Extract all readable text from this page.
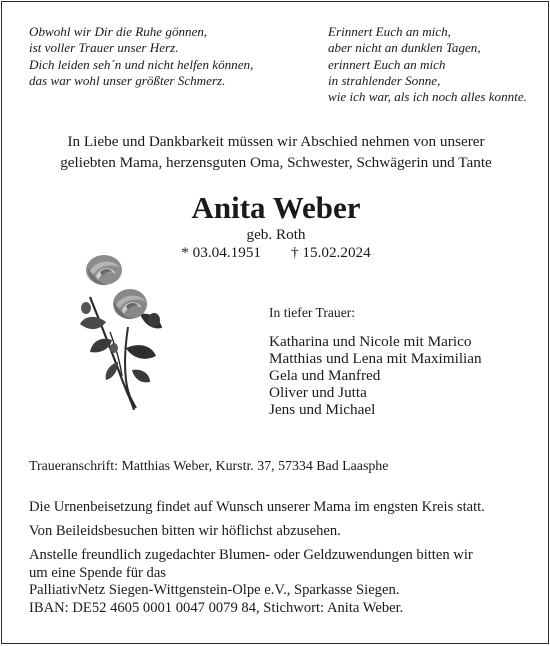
Obwohl wir Dir die Ruhe gönnen,
ist voller Trauer unser Herz.
Dich leiden seh´n und nicht helfen können,
das war wohl unser größter Schmerz.
Erinnert Euch an mich,
aber nicht an dunklen Tagen,
erinnert Euch an mich
in strahlender Sonne,
wie ich war, als ich noch alles konnte.
In Liebe und Dankbarkeit müssen wir Abschied nehmen von unserer
geliebten Mama, herzensguten Oma, Schwester, Schwägerin und Tante
Anita Weber
geb. Roth
* 03.04.1951 † 15.02.2024
In tiefer Trauer:
Katharina und Nicole mit Marico
Matthias und Lena mit Maximilian
Gela und Manfred
Oliver und Jutta
Jens und Michael
Traueranschrift: Matthias Weber, Kurstr. 37, 57334 Bad Laasphe
Die Urnenbeisetzung findet auf Wunsch unserer Mama im engsten Kreis statt.
Von Beileidsbesuchen bitten wir höflichst abzusehen.
Anstelle freundlich zugedachter Blumen- oder Geldzuwendungen bitten wir
um eine Spende für das
PalliativNetz Siegen-Wittgenstein-Olpe e.V., Sparkasse Siegen.
IBAN: DE52 4605 0001 0047 0079 84, Stichwort: Anita Weber.
